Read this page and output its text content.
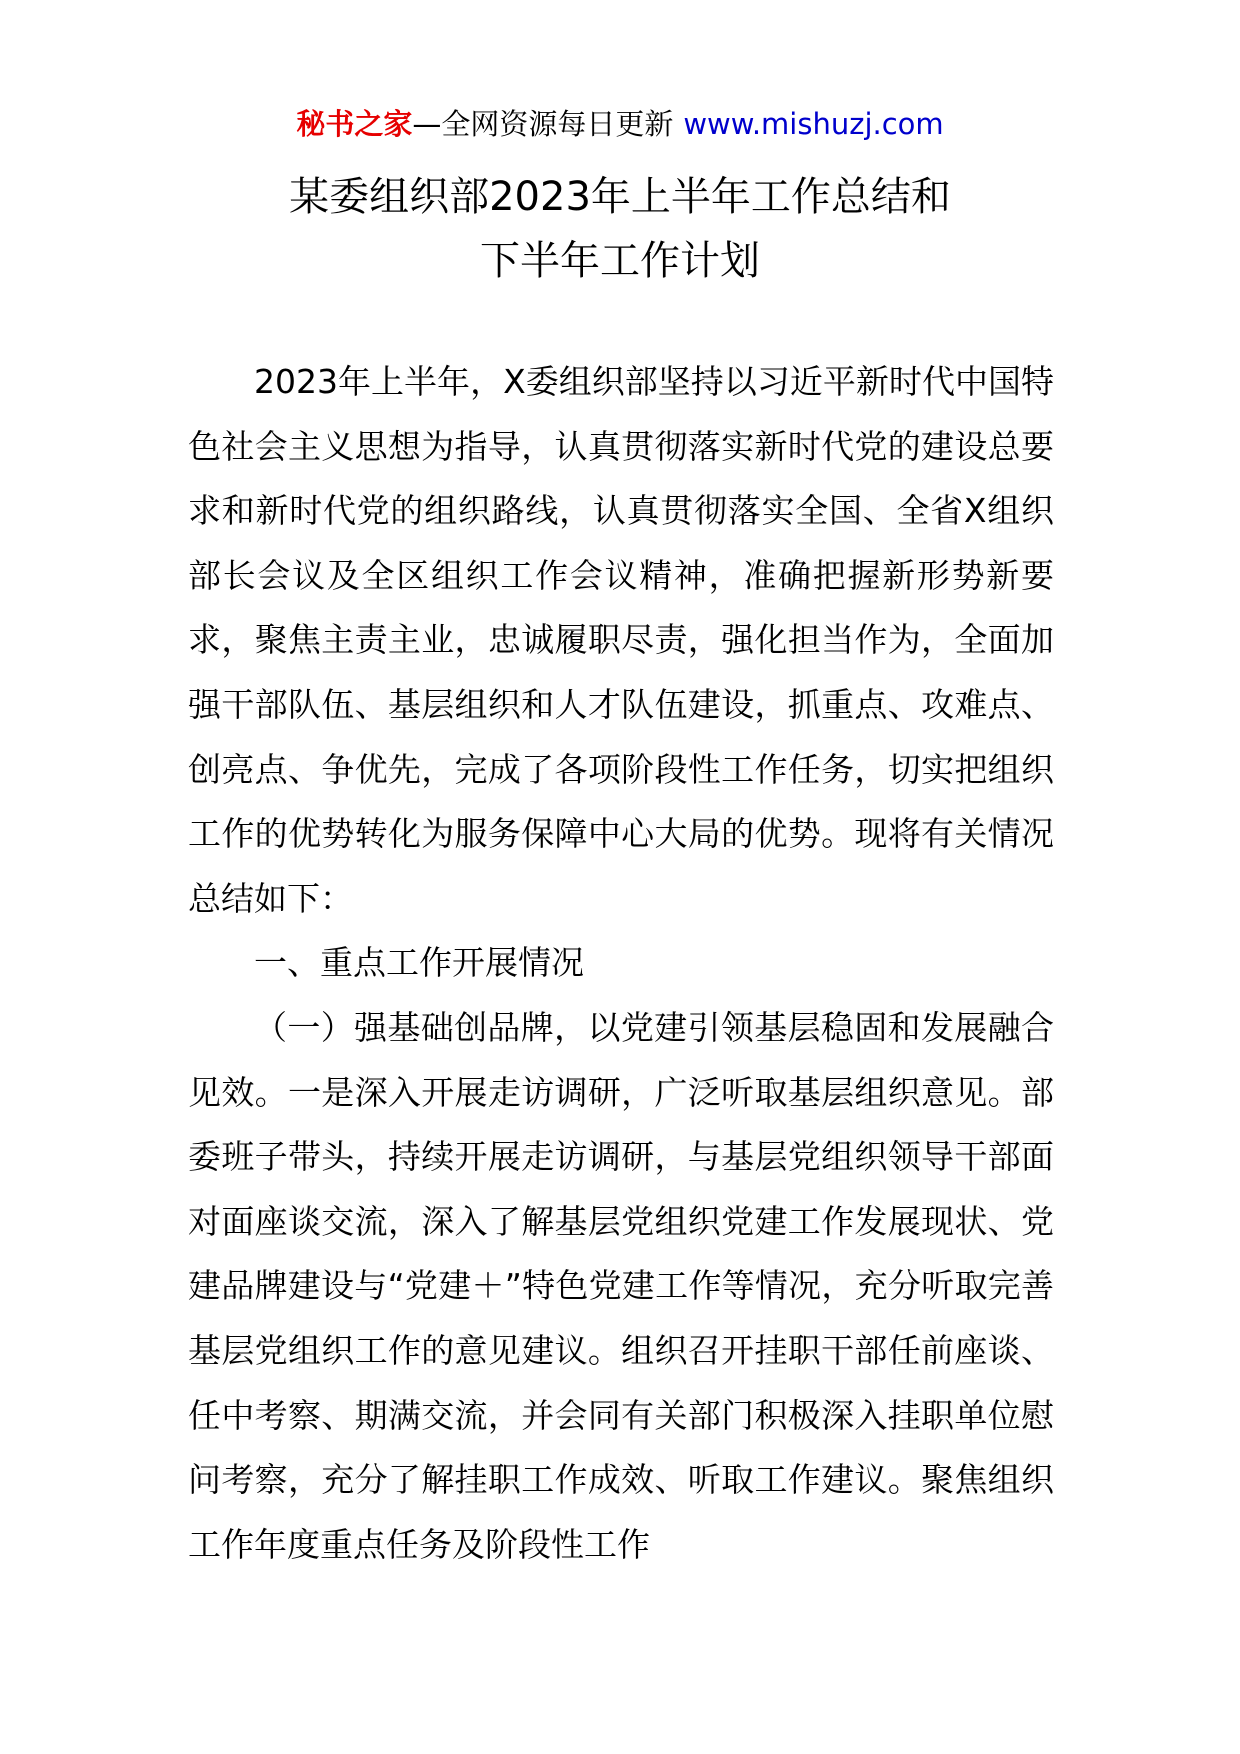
秘书之家—全网资源每日更新 www.mishuzj.com
某委组织部2023年上半年工作总结和
下半年工作计划

2023年上半年，X委组织部坚持以习近平新时代中国特色社会主义思想为指导，认真贯彻落实新时代党的建设总要求和新时代党的组织路线，认真贯彻落实全国、全省X组织部长会议及全区组织工作会议精神，准确把握新形势新要求，聚焦主责主业，忠诚履职尽责，强化担当作为，全面加强干部队伍、基层组织和人才队伍建设，抓重点、攻难点、创亮点、争优先，完成了各项阶段性工作任务，切实把组织工作的优势转化为服务保障中心大局的优势。现将有关情况总结如下：

一、重点工作开展情况

（一）强基础创品牌，以党建引领基层稳固和发展融合见效。一是深入开展走访调研，广泛听取基层组织意见。部委班子带头，持续开展走访调研，与基层党组织领导干部面对面座谈交流，深入了解基层党组织党建工作发展现状、党建品牌建设与“党建＋”特色党建工作等情况，充分听取完善基层党组织工作的意见建议。组织召开挂职干部任前座谈、任中考察、期满交流，并会同有关部门积极深入挂职单位慰问考察，充分了解挂职工作成效、听取工作建议。聚焦组织工作年度重点任务及阶段性工作
